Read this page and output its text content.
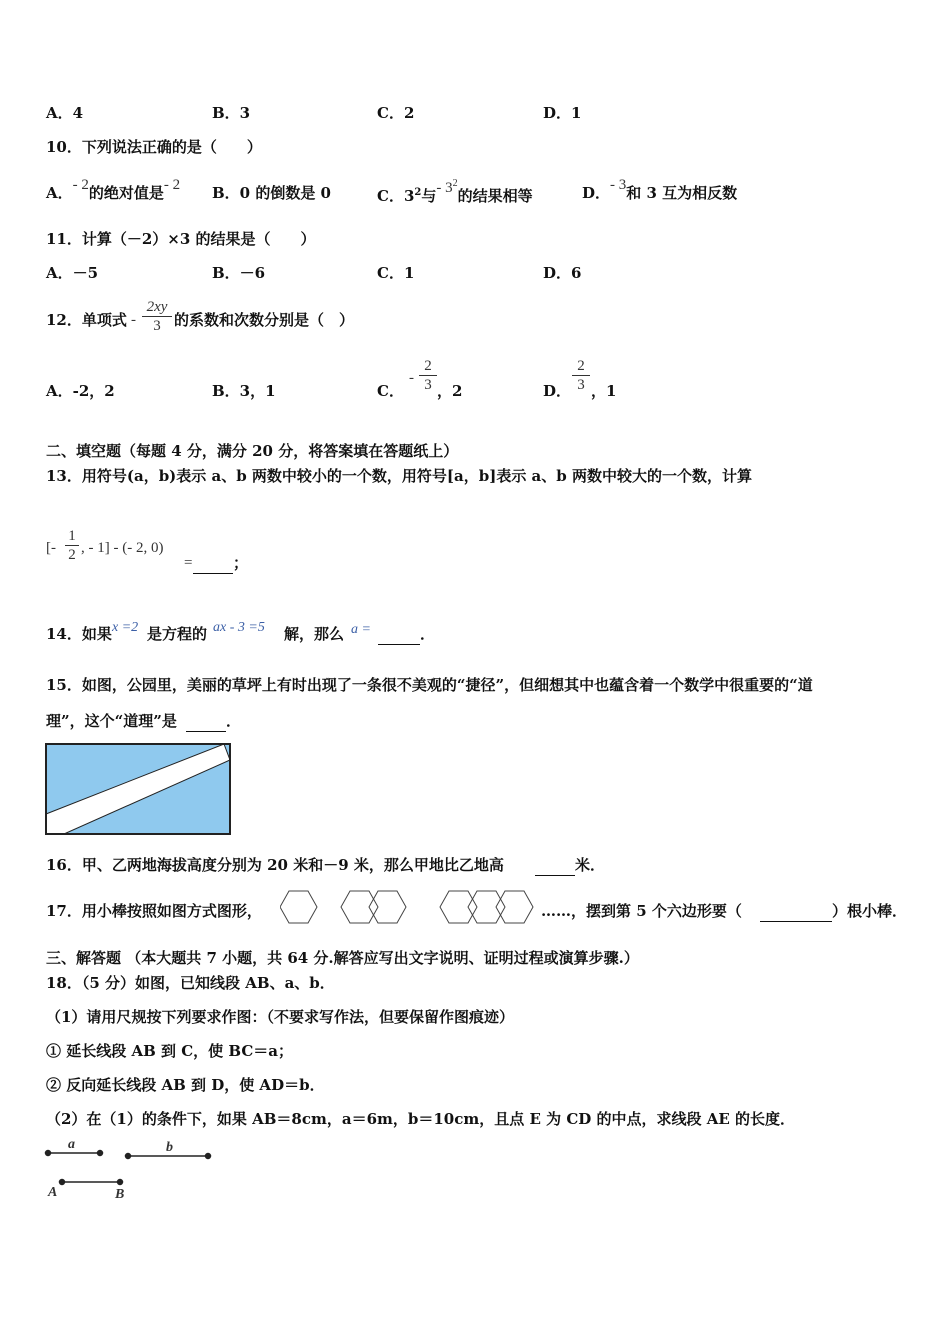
A．4	B．3	C．2	D．1
10．下列说法正确的是（　　）
A．- 2的绝对值是- 2 B．0 的倒数是 0	C．$3^2$与- $3^2$的结果相等	D．- 3和 3 互为相反数
11．计算（－2）×3 的结果是（　　）
A．－5	B．－6	C．1	D．6
12．单项式 -
2xy
3 的系数和次数分别是（　）
A．-2，2	B．3，1	C．
-
2
3 ，2	D．
2
3 ，1
二、填空题（每题 4 分，满分 20 分，将答案填在答题纸上）
13．用符号(a，b)表示 a、b 两数中较小的一个数，用符号[a，b]表示 a、b 两数中较大的一个数，计算
[-
1
2 , - 1] - (- 2, 0)
=
	；
14．如果 x =2 是方程的 ax - 3 =5 解，那么 a =
	．
15．如图，公园里，美丽的草坪上有时出现了一条很不美观的“捷径”，但细想其中也蕴含着一个数学中很重要的“道
理”，这个“道理”是
	．
16．甲、乙两地海拔高度分别为 20 米和－9 米，那么甲地比乙地高
	米．
17．用小棒按照如图方式图形，	……，摆到第 5 个六边形要（
	）根小棒．
三、解答题 （本大题共 7 小题，共 64 分.解答应写出文字说明、证明过程或演算步骤.）
18．（5 分）如图，已知线段 AB、a、b．
（1）请用尺规按下列要求作图：（不要求写作法，但要保留作图痕迹）
① 延长线段 AB 到 C，使 BC＝a；
② 反向延长线段 AB 到 D，使 AD＝b．
（2）在（1）的条件下，如果 AB＝8cm，a＝6m，b＝10cm，且点 E 为 CD 的中点，求线段 AE 的长度．
a	b
A	B
